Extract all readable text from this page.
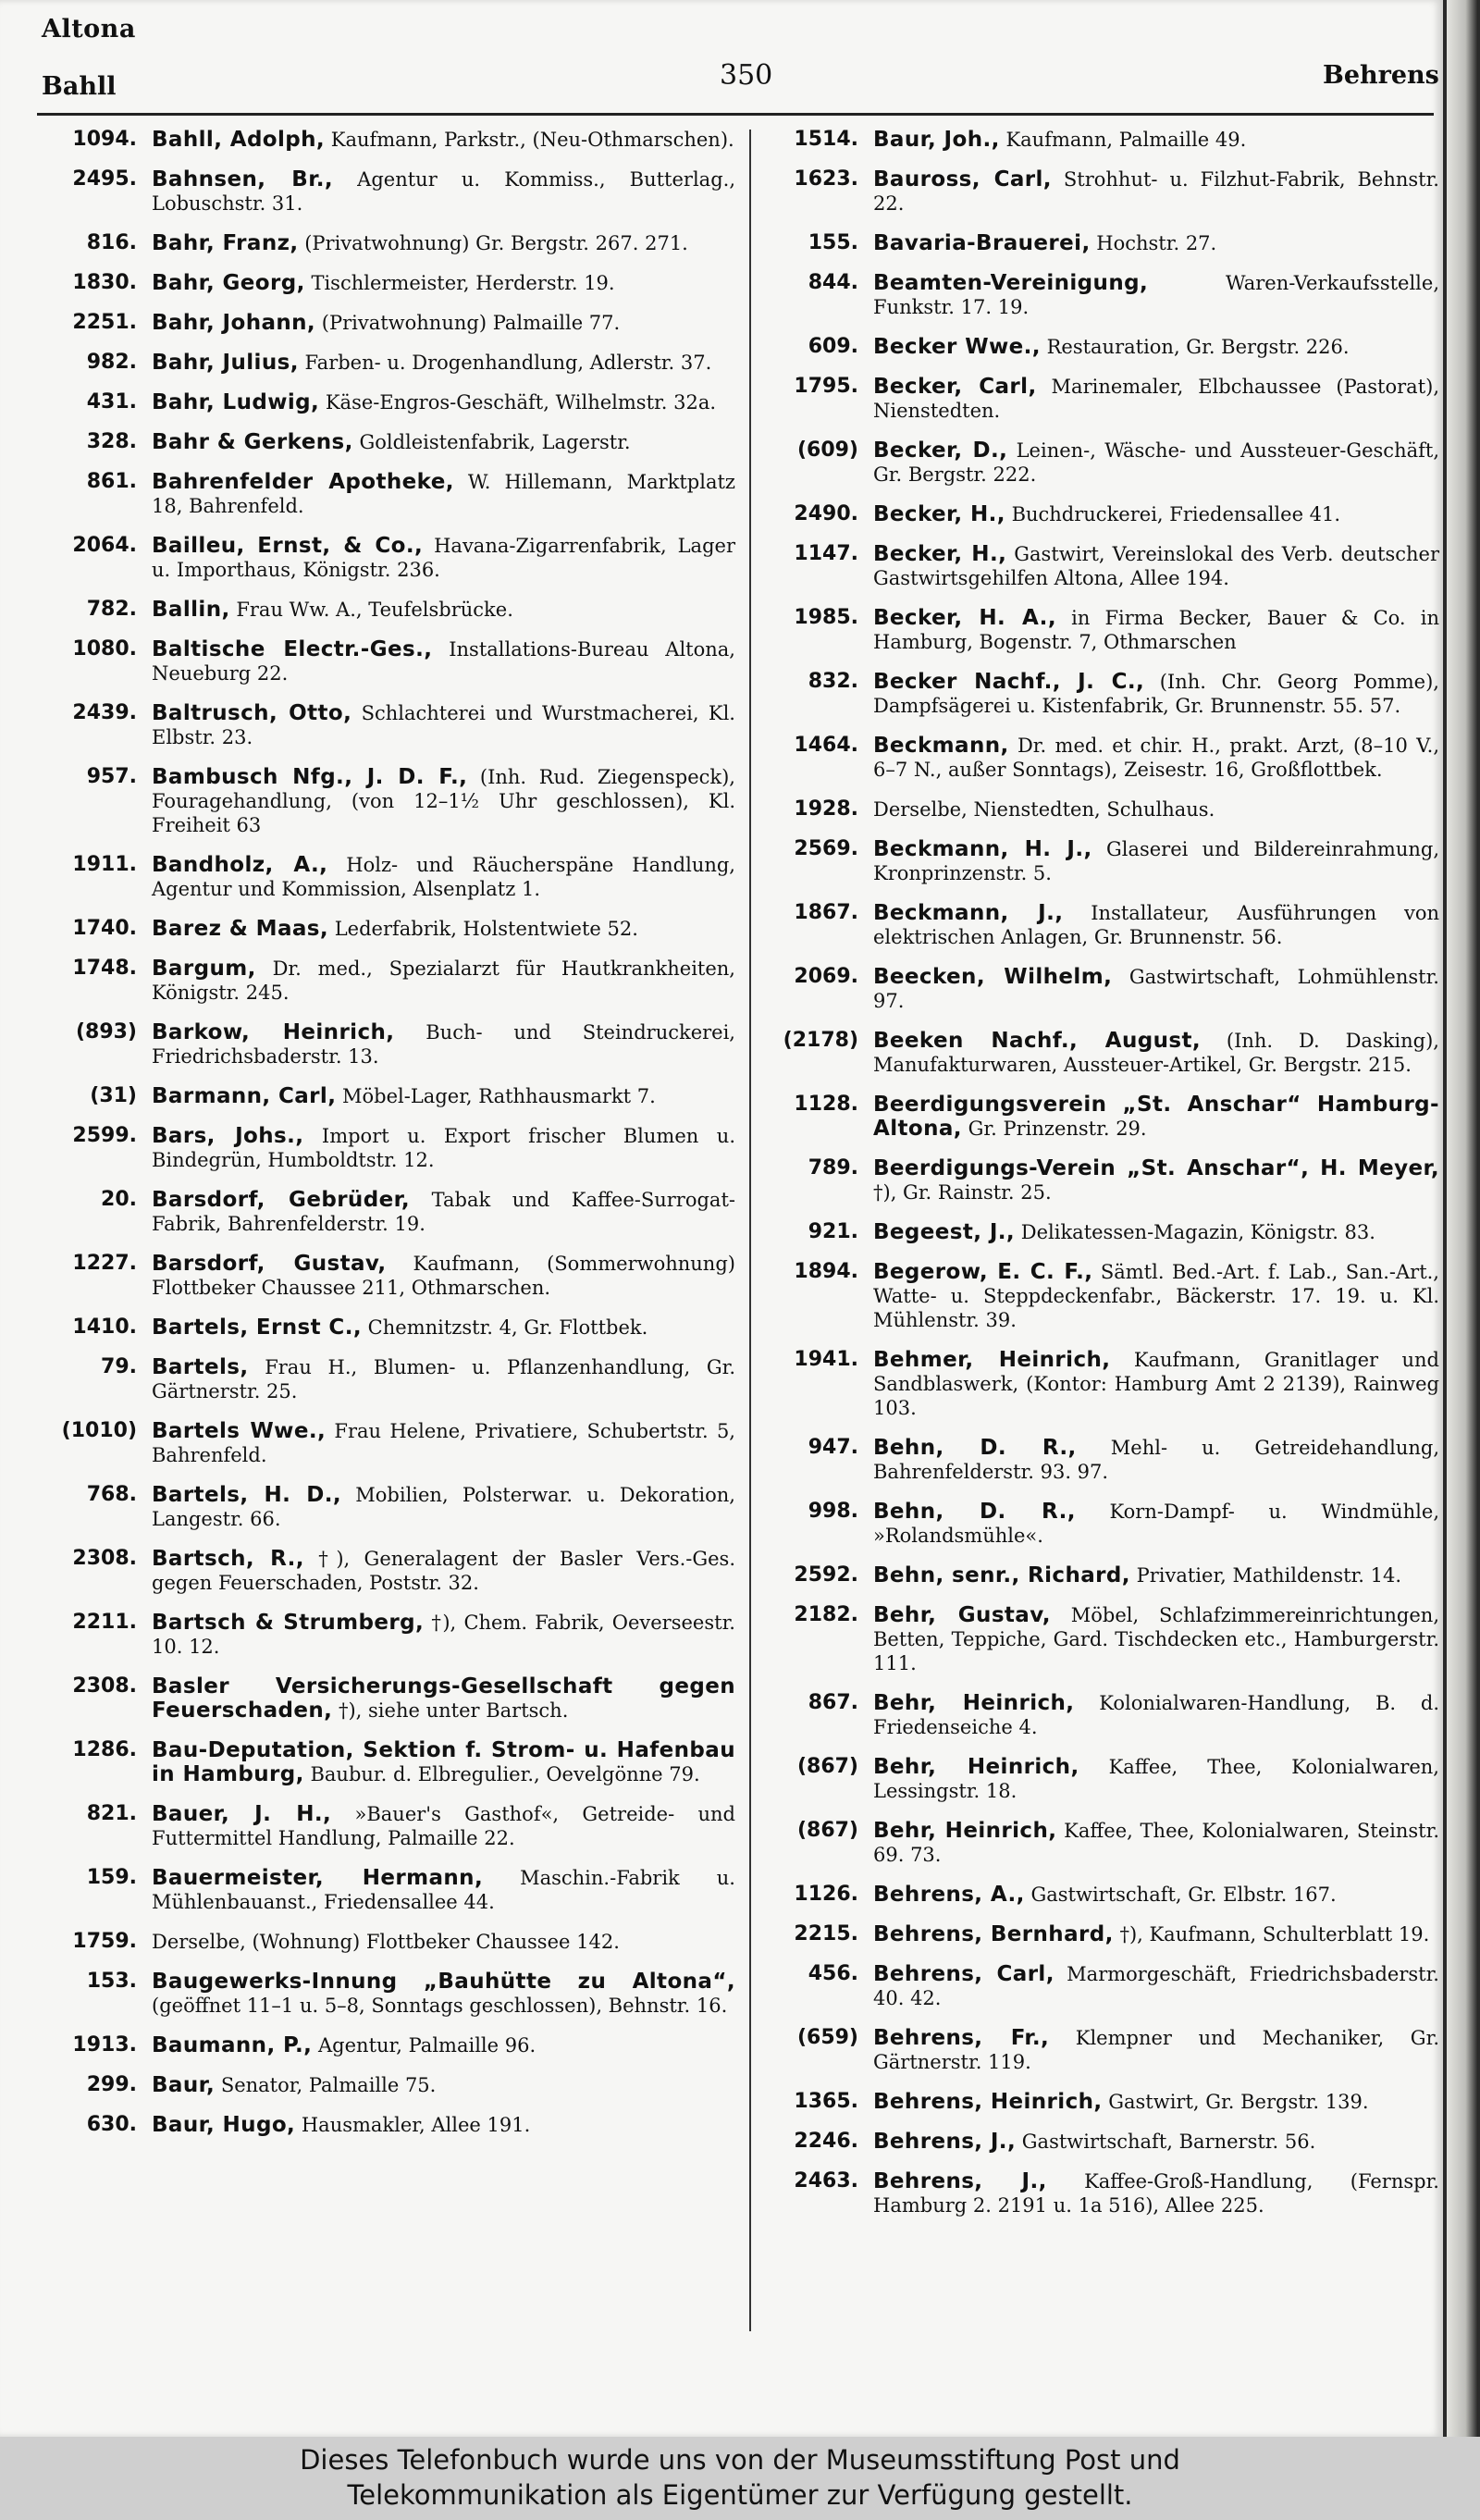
Altona
Bahll	350	Behrens
1094. Bahll, Adolph, Kaufmann, Parkstr., (Neu-Othmarschen).
2495. Bahnsen, Br., Agentur u. Kommiss., Butterlag., Lobuschstr. 31.
816. Bahr, Franz, (Privatwohnung) Gr. Bergstr. 267. 271.
1830. Bahr, Georg, Tischlermeister, Herderstr. 19.
2251. Bahr, Johann, (Privatwohnung) Palmaille 77.
982. Bahr, Julius, Farben- u. Drogenhandlung, Adlerstr. 37.
431. Bahr, Ludwig, Käse-Engros-Geschäft, Wilhelmstr. 32a.
328. Bahr & Gerkens, Goldleistenfabrik, Lagerstr.
861. Bahrenfelder Apotheke, W. Hillemann, Marktplatz 18, Bahrenfeld.
2064. Bailleu, Ernst, & Co., Havana-Zigarrenfabrik, Lager u. Importhaus, Königstr. 236.
782. Ballin, Frau Ww. A., Teufelsbrücke.
1080. Baltische Electr.-Ges., Installations-Bureau Altona, Neueburg 22.
2439. Baltrusch, Otto, Schlachterei und Wurstmacherei, Kl. Elbstr. 23.
957. Bambusch Nfg., J. D. F., (Inh. Rud. Ziegenspeck), Fouragehandlung, (von 12–1½ Uhr geschlossen), Kl. Freiheit 63
1911. Bandholz, A., Holz- und Räucherspäne Handlung, Agentur und Kommission, Alsenplatz 1.
1740. Barez & Maas, Lederfabrik, Holstentwiete 52.
1748. Bargum, Dr. med., Spezialarzt für Hautkrankheiten, Königstr. 245.
(893) Barkow, Heinrich, Buch- und Steindruckerei, Friedrichsbaderstr. 13.
(31) Barmann, Carl, Möbel-Lager, Rathhausmarkt 7.
2599. Bars, Johs., Import u. Export frischer Blumen u. Bindegrün, Humboldtstr. 12.
20. Barsdorf, Gebrüder, Tabak und Kaffee-Surrogat-Fabrik, Bahrenfelderstr. 19.
1227. Barsdorf, Gustav, Kaufmann, (Sommerwohnung) Flottbeker Chaussee 211, Othmarschen.
1410. Bartels, Ernst C., Chemnitzstr. 4, Gr. Flottbek.
79. Bartels, Frau H., Blumen- u. Pflanzenhandlung, Gr. Gärtnerstr. 25.
(1010) Bartels Wwe., Frau Helene, Privatiere, Schubertstr. 5, Bahrenfeld.
768. Bartels, H. D., Mobilien, Polsterwar. u. Dekoration, Langestr. 66.
2308. Bartsch, R., †), Generalagent der Basler Vers.-Ges. gegen Feuerschaden, Poststr. 32.
2211. Bartsch & Strumberg, †), Chem. Fabrik, Oeverseestr. 10. 12.
2308. Basler Versicherungs-Gesellschaft gegen Feuerschaden, †), siehe unter Bartsch.
1286. Bau-Deputation, Sektion f. Strom- u. Hafenbau in Hamburg, Baubur. d. Elbregulier., Oevelgönne 79.
821. Bauer, J. H., »Bauer's Gasthof«, Getreide- und Futtermittel Handlung, Palmaille 22.
159. Bauermeister, Hermann, Maschin.-Fabrik u. Mühlenbauanst., Friedensallee 44.
1759. Derselbe, (Wohnung) Flottbeker Chaussee 142.
153. Baugewerks-Innung „Bauhütte zu Altona“, (geöffnet 11–1 u. 5–8, Sonntags geschlossen), Behnstr. 16.
1913. Baumann, P., Agentur, Palmaille 96.
299. Baur, Senator, Palmaille 75.
630. Baur, Hugo, Hausmakler, Allee 191.
1514. Baur, Joh., Kaufmann, Palmaille 49.
1623. Bauross, Carl, Strohhut- u. Filzhut-Fabrik, Behnstr. 22.
155. Bavaria-Brauerei, Hochstr. 27.
844. Beamten-Vereinigung,	Waren-Verkaufsstelle, Funkstr. 17. 19.
609. Becker Wwe., Restauration, Gr. Bergstr. 226.
1795. Becker, Carl, Marinemaler, Elbchaussee (Pastorat), Nienstedten.
(609) Becker, D., Leinen-, Wäsche- und Aussteuer-Geschäft, Gr. Bergstr. 222.
2490. Becker, H., Buchdruckerei, Friedensallee 41.
1147. Becker, H., Gastwirt, Vereinslokal des Verb. deutscher Gastwirtsgehilfen Altona, Allee 194.
1985. Becker, H. A., in Firma Becker, Bauer & Co. in Hamburg, Bogenstr. 7, Othmarschen
832. Becker Nachf., J. C., (Inh. Chr. Georg Pomme), Dampfsägerei u. Kistenfabrik, Gr. Brunnenstr. 55. 57.
1464. Beckmann, Dr. med. et chir. H., prakt. Arzt, (8–10 V., 6–7 N., außer Sonntags), Zeisestr. 16, Großflottbek.
1928. Derselbe, Nienstedten, Schulhaus.
2569. Beckmann, H. J., Glaserei und Bildereinrahmung, Kronprinzenstr. 5.
1867. Beckmann, J., Installateur, Ausführungen von elektrischen Anlagen, Gr. Brunnenstr. 56.
2069. Beecken, Wilhelm, Gastwirtschaft, Lohmühlenstr. 97.
(2178) Beeken Nachf., August, (Inh. D. Dasking), Manufakturwaren, Aussteuer-Artikel, Gr. Bergstr. 215.
1128. Beerdigungsverein „St. Anschar“ Hamburg-Altona, Gr. Prinzenstr. 29.
789. Beerdigungs-Verein „St. Anschar“, H. Meyer, †), Gr. Rainstr. 25.
921. Begeest, J., Delikatessen-Magazin, Königstr. 83.
1894. Begerow, E. C. F., Sämtl. Bed.-Art. f. Lab., San.-Art., Watte- u. Steppdeckenfabr., Bäckerstr. 17. 19. u. Kl. Mühlenstr. 39.
1941. Behmer, Heinrich, Kaufmann, Granitlager und Sandblaswerk, (Kontor: Hamburg Amt 2 2139), Rainweg 103.
947. Behn, D. R., Mehl- u. Getreidehandlung, Bahrenfelderstr. 93. 97.
998. Behn, D. R., Korn-Dampf- u. Windmühle, »Rolandsmühle«.
2592. Behn, senr., Richard, Privatier, Mathildenstr. 14.
2182. Behr, Gustav, Möbel, Schlafzimmereinrichtungen, Betten, Teppiche, Gard. Tischdecken etc., Hamburgerstr. 111.
867. Behr, Heinrich, Kolonialwaren-Handlung, B. d. Friedenseiche 4.
(867) Behr, Heinrich, Kaffee, Thee, Kolonialwaren, Lessingstr. 18.
(867) Behr, Heinrich, Kaffee, Thee, Kolonialwaren, Steinstr. 69. 73.
1126. Behrens, A., Gastwirtschaft, Gr. Elbstr. 167.
2215. Behrens, Bernhard, †), Kaufmann, Schulterblatt 19.
456. Behrens, Carl, Marmorgeschäft, Friedrichsbaderstr. 40. 42.
(659) Behrens, Fr., Klempner und Mechaniker, Gr. Gärtnerstr. 119.
1365. Behrens, Heinrich, Gastwirt, Gr. Bergstr. 139.
2246. Behrens, J., Gastwirtschaft, Barnerstr. 56.
2463. Behrens, J., Kaffee-Groß-Handlung, (Fernspr. Hamburg 2. 2191 u. 1a 516), Allee 225.
Dieses Telefonbuch wurde uns von der Museumsstiftung Post und
Telekommunikation als Eigentümer zur Verfügung gestellt.
